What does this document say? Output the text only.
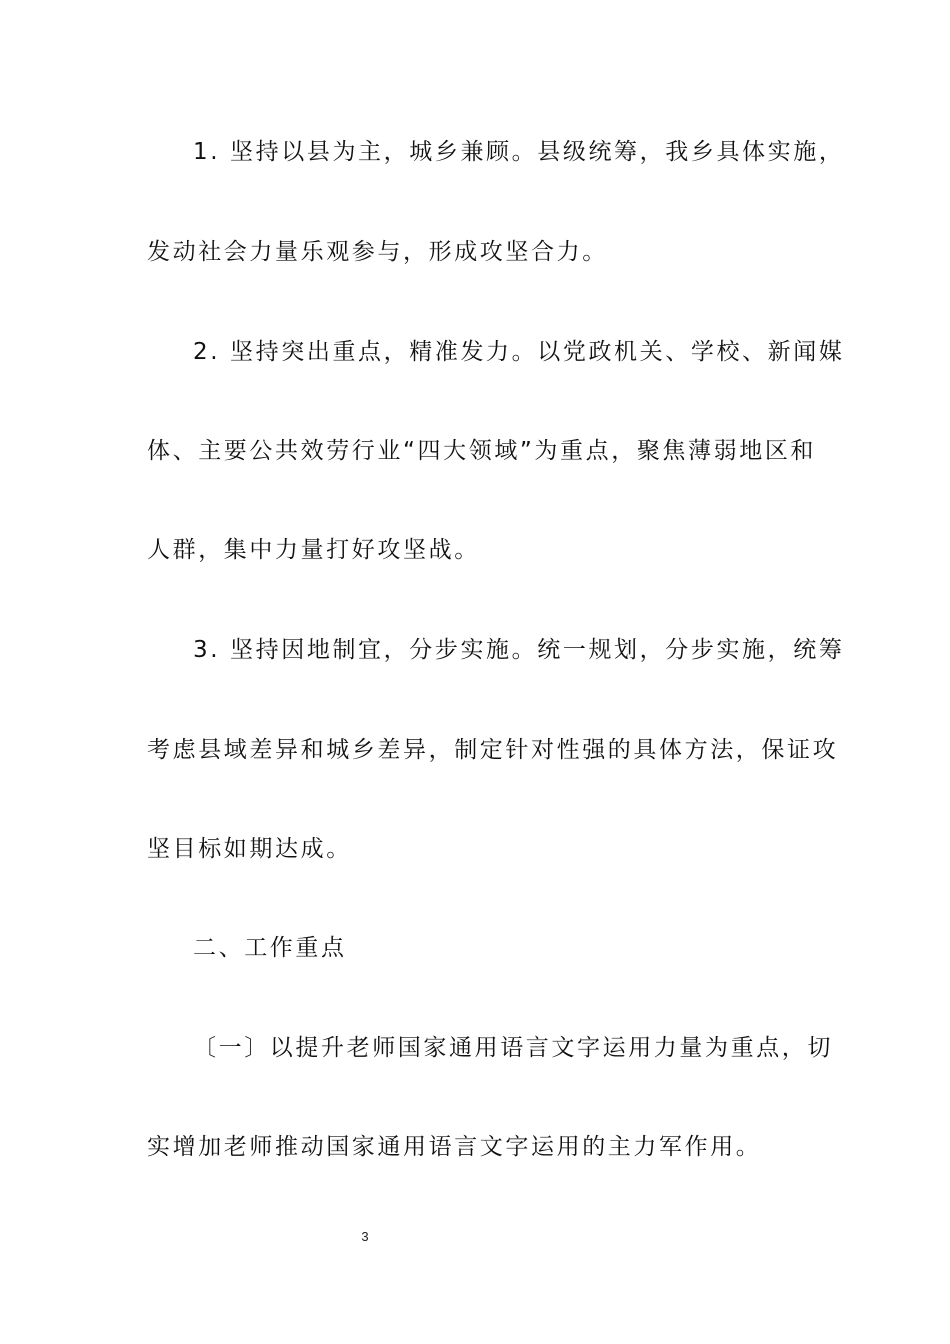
1. 坚持以县为主，城乡兼顾。县级统筹，我乡具体实施，
发动社会力量乐观参与，形成攻坚合力。
2. 坚持突出重点，精准发力。以党政机关、学校、新闻媒
体、主要公共效劳行业“四大领域”为重点，聚焦薄弱地区和
人群，集中力量打好攻坚战。
3. 坚持因地制宜，分步实施。统一规划，分步实施，统筹
考虑县域差异和城乡差异，制定针对性强的具体方法，保证攻
坚目标如期达成。
二、工作重点
〔一〕以提升老师国家通用语言文字运用力量为重点，切
实增加老师推动国家通用语言文字运用的主力军作用。
3
